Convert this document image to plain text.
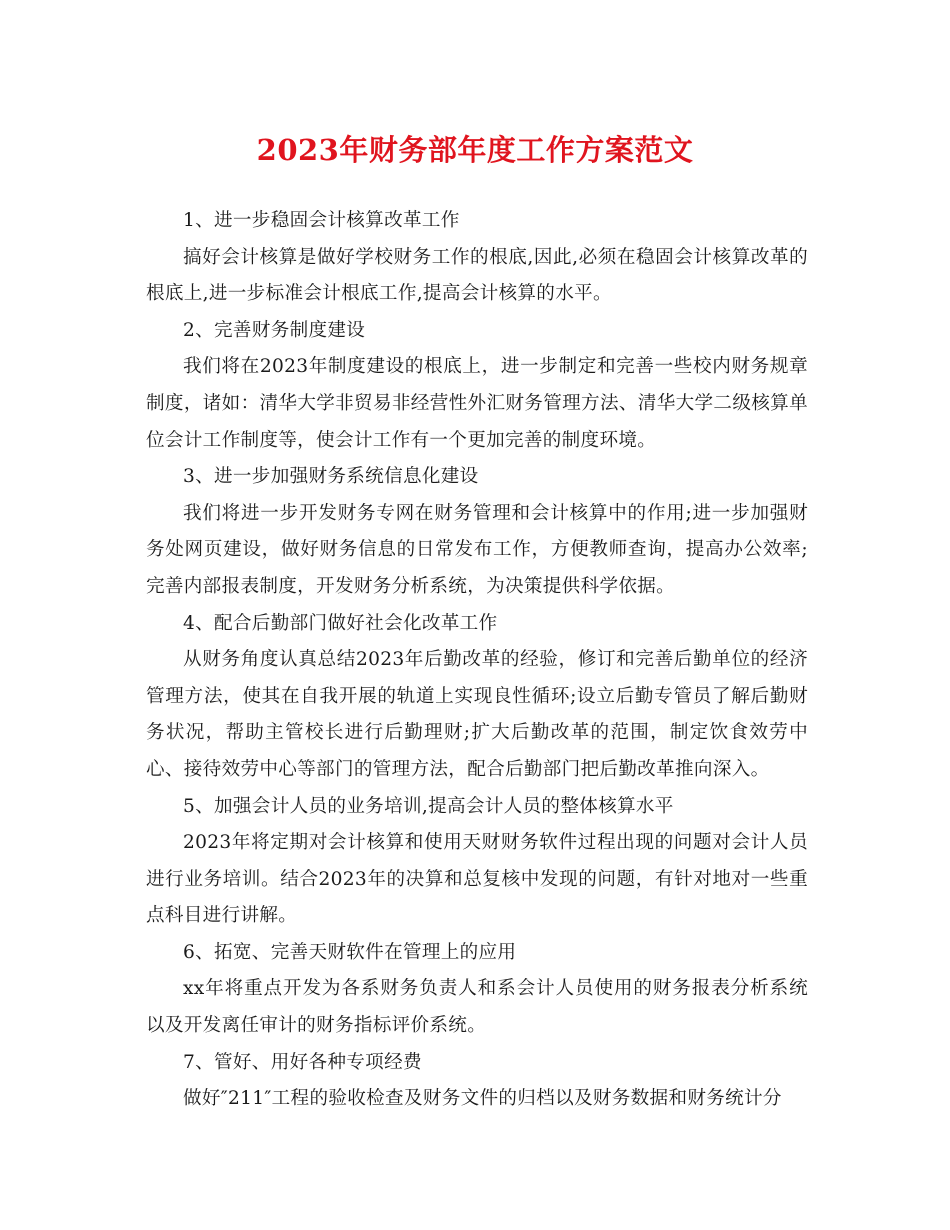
2023年财务部年度工作方案范文

1、进一步稳固会计核算改革工作

搞好会计核算是做好学校财务工作的根底,因此,必须在稳固会计核算改革的根底上,进一步标准会计根底工作,提高会计核算的水平。

2、完善财务制度建设

我们将在2023年制度建设的根底上，进一步制定和完善一些校内财务规章制度，诸如：清华大学非贸易非经营性外汇财务管理方法、清华大学二级核算单位会计工作制度等，使会计工作有一个更加完善的制度环境。

3、进一步加强财务系统信息化建设

我们将进一步开发财务专网在财务管理和会计核算中的作用;进一步加强财务处网页建设，做好财务信息的日常发布工作，方便教师查询，提高办公效率;完善内部报表制度，开发财务分析系统，为决策提供科学依据。

4、配合后勤部门做好社会化改革工作

从财务角度认真总结2023年后勤改革的经验，修订和完善后勤单位的经济管理方法，使其在自我开展的轨道上实现良性循环;设立后勤专管员了解后勤财务状况，帮助主管校长进行后勤理财;扩大后勤改革的范围，制定饮食效劳中心、接待效劳中心等部门的管理方法，配合后勤部门把后勤改革推向深入。

5、加强会计人员的业务培训,提高会计人员的整体核算水平

2023年将定期对会计核算和使用天财财务软件过程出现的问题对会计人员进行业务培训。结合2023年的决算和总复核中发现的问题，有针对地对一些重点科目进行讲解。

6、拓宽、完善天财软件在管理上的应用

xx年将重点开发为各系财务负责人和系会计人员使用的财务报表分析系统以及开发离任审计的财务指标评价系统。

7、管好、用好各种专项经费

做好″211″工程的验收检查及财务文件的归档以及财务数据和财务统计分
